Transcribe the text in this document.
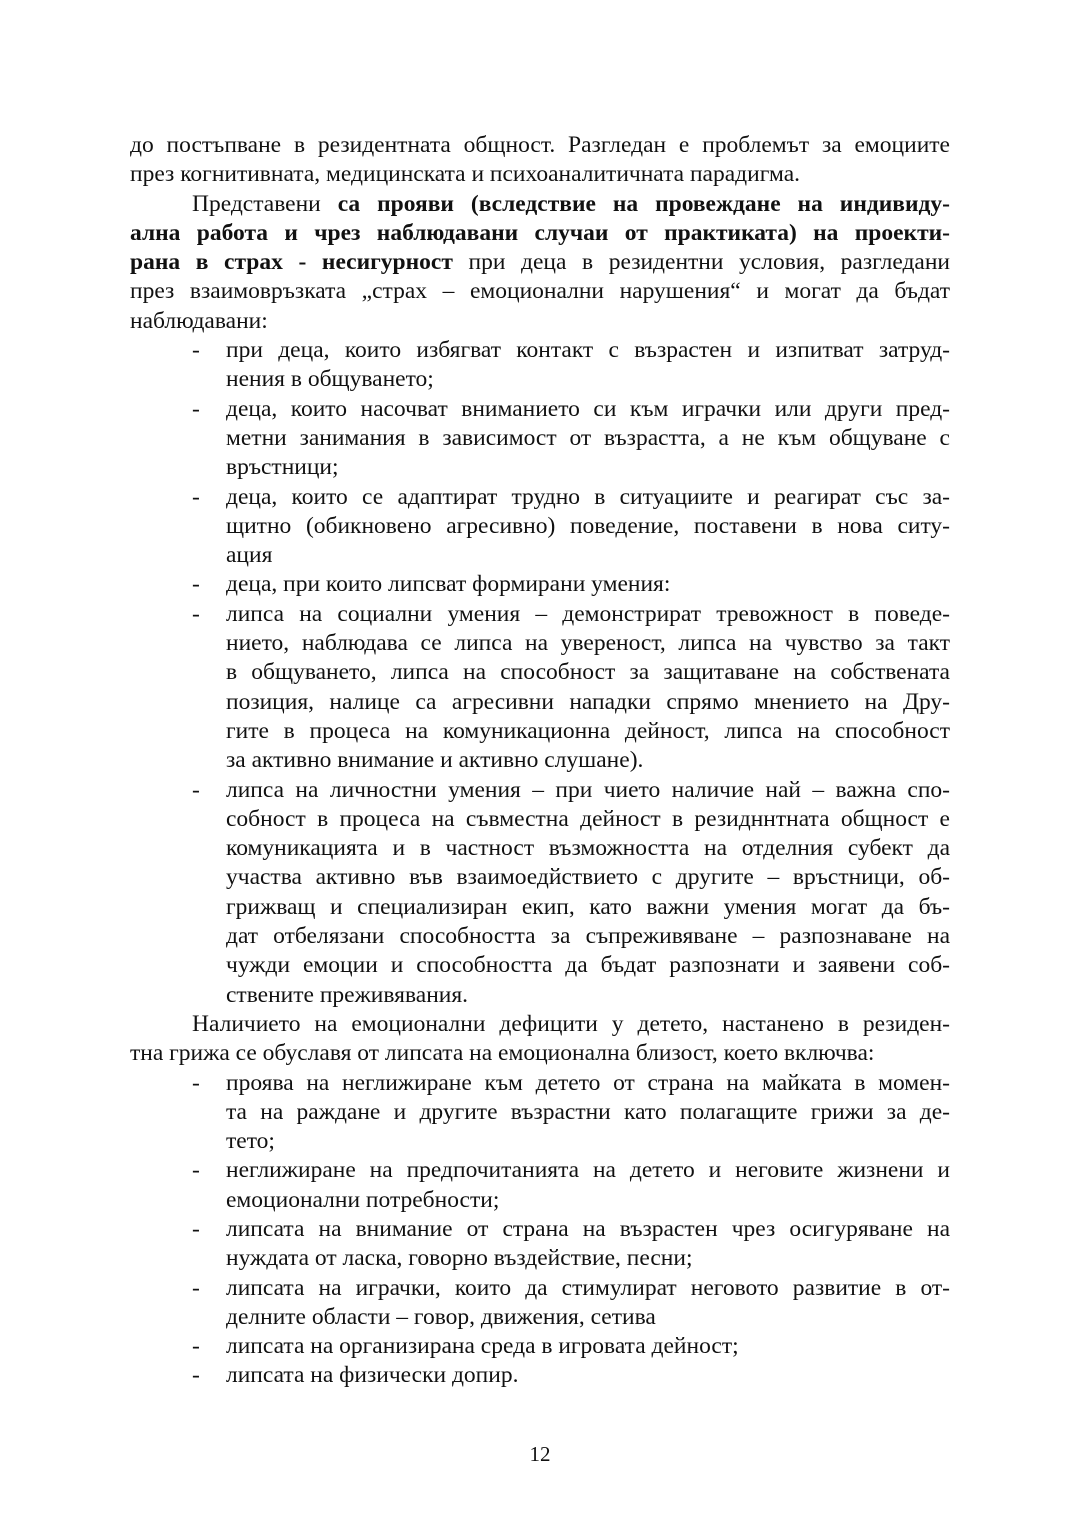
до постъпване в резидентната общност. Разгледан е проблемът за емоциите
през когнитивната, медицинската и психоаналитичната парадигма.
Представени са прояви (вследствие на провеждане на индивиду-
ална работа и чрез наблюдавани случаи от практиката) на проекти-
рана в страх - несигурност при деца в резидентни условия, разгледани
през взаимовръзката „страх – емоционални нарушения“ и могат да бъдат
наблюдавани:
- при деца, които избягват контакт с възрастен и изпитват затруд-
нения в общуването;
- деца, които насочват вниманието си към играчки или други пред-
метни занимания в зависимост от възрастта, а не към общуване с
връстници;
- деца, които се адаптират трудно в ситуациите и реагират със за-
щитно (обикновено агресивно) поведение, поставени в нова ситу-
ация
- деца, при които липсват формирани умения:
- липса на социални умения – демонстрират тревожност в поведе-
нието, наблюдава се липса на увереност, липса на чувство за такт
в общуването, липса на способност за защитаване на собствената
позиция, налице са агресивни нападки спрямо мнението на Дру-
гите в процеса на комуникационна дейност, липса на способност
за активно внимание и активно слушане).
- липса на личностни умения – при чието наличие най – важна спо-
собност в процеса на съвместна дейност в резидннтната общност е
комуникацията и в частност възможността на отделния субект да
участва активно във взаимоедйствието с другите – връстници, об-
грижващ и специализиран екип, като важни умения могат да бъ-
дат отбелязани способността за съпреживяване – разпознаване на
чужди емоции и способността да бъдат разпознати и заявени соб-
ствените преживявания.
Наличието на емоционални дефицити у детето, настанено в резиден-
тна грижа се обуславя от липсата на емоционална близост, което включва:
- проява на неглижиране към детето от страна на майката в момен-
та на раждане и другите възрастни като полагащите грижи за де-
тето;
- неглижиране на предпочитанията на детето и неговите жизнени и
емоционални потребности;
- липсата на внимание от страна на възрастен чрез осигуряване на
нуждата от ласка, говорно въздействие, песни;
- липсата на играчки, които да стимулират неговото развитие в от-
делните области – говор, движения, сетива
- липсата на организирана среда в игровата дейност;
- липсата на физически допир.
12
